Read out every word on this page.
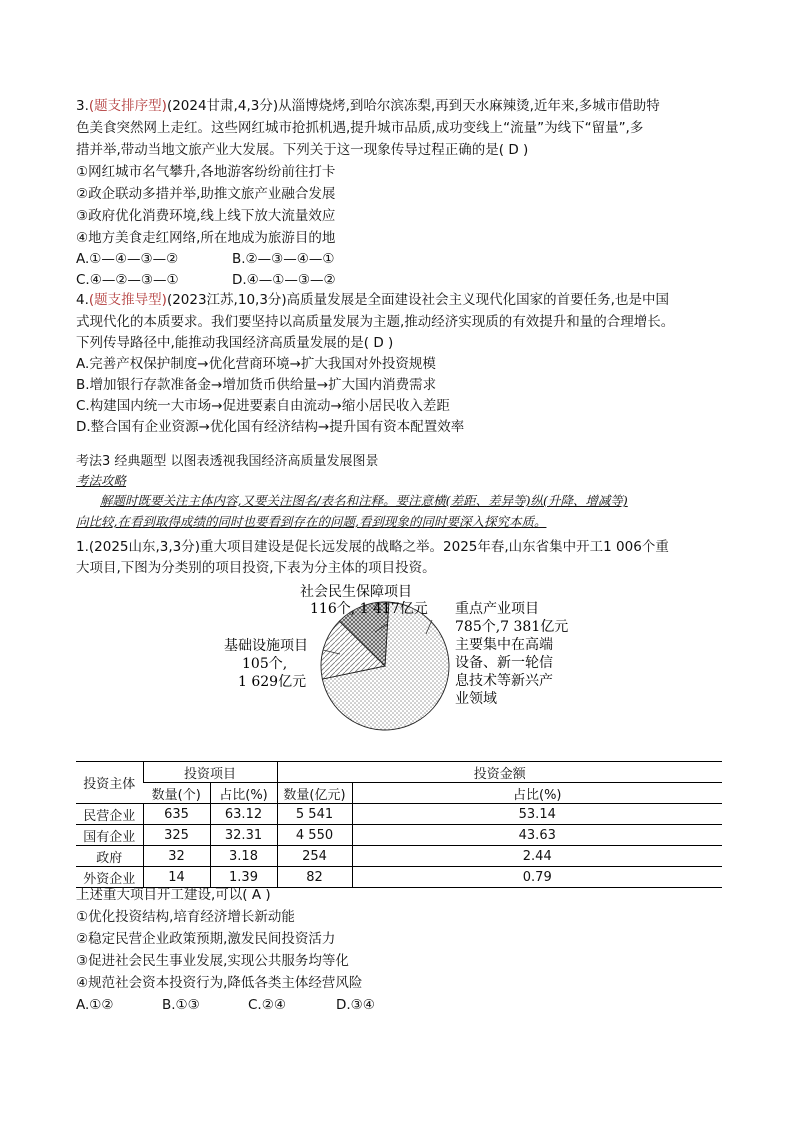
3.(题支排序型)(2024甘肃,4,3分)从淄博烧烤,到哈尔滨冻梨,再到天水麻辣烫,近年来,多城市借助特
色美食突然网上走红。这些网红城市抢抓机遇,提升城市品质,成功变线上“流量”为线下“留量”,多
措并举,带动当地文旅产业大发展。下列关于这一现象传导过程正确的是( D )
①网红城市名气攀升,各地游客纷纷前往打卡
②政企联动多措并举,助推文旅产业融合发展
③政府优化消费环境,线上线下放大流量效应
④地方美食走红网络,所在地成为旅游目的地
A.①—④—③—②	B.②—③—④—①
C.④—②—③—①	D.④—①—③—②
4.(题支推导型)(2023江苏,10,3分)高质量发展是全面建设社会主义现代化国家的首要任务,也是中国
式现代化的本质要求。我们要坚持以高质量发展为主题,推动经济实现质的有效提升和量的合理增长。
下列传导路径中,能推动我国经济高质量发展的是( D )
A.完善产权保护制度→优化营商环境→扩大我国对外投资规模
B.增加银行存款准备金→增加货币供给量→扩大国内消费需求
C.构建国内统一大市场→促进要素自由流动→缩小居民收入差距
D.整合国有企业资源→优化国有经济结构→提升国有资本配置效率
考法3 经典题型 以图表透视我国经济高质量发展图景
考法攻略
解题时既要关注主体内容,又要关注图名/表名和注释。要注意横(差距、差异等)纵(升降、增减等)
向比较,在看到取得成绩的同时也要看到存在的问题,看到现象的同时要深入探究本质。
1.(2025山东,3,3分)重大项目建设是促长远发展的战略之举。2025年春,山东省集中开工1 006个重
大项目,下图为分类别的项目投资,下表为分主体的项目投资。
社会民生保障项目
116个, 1 417亿元 重点产业项目
785个,7 381亿元
主要集中在高端
设备、新一轮信
息技术等新兴产
业领域
基础设施项目
105个,
1 629亿元
投资主体	投资项目		投资金额	
	数量(个)	占比(%)	数量(亿元)	占比(%)
民营企业	635	63.12	5 541	53.14
国有企业	325	32.31	4 550	43.63
政府	32	3.18	254	2.44
外资企业	14	1.39	82	0.79
上述重大项目开工建设,可以( A )
①优化投资结构,培育经济增长新动能
②稳定民营企业政策预期,激发民间投资活力
③促进社会民生事业发展,实现公共服务均等化
④规范社会资本投资行为,降低各类主体经营风险
A.①②	B.①③	C.②④	D.③④
